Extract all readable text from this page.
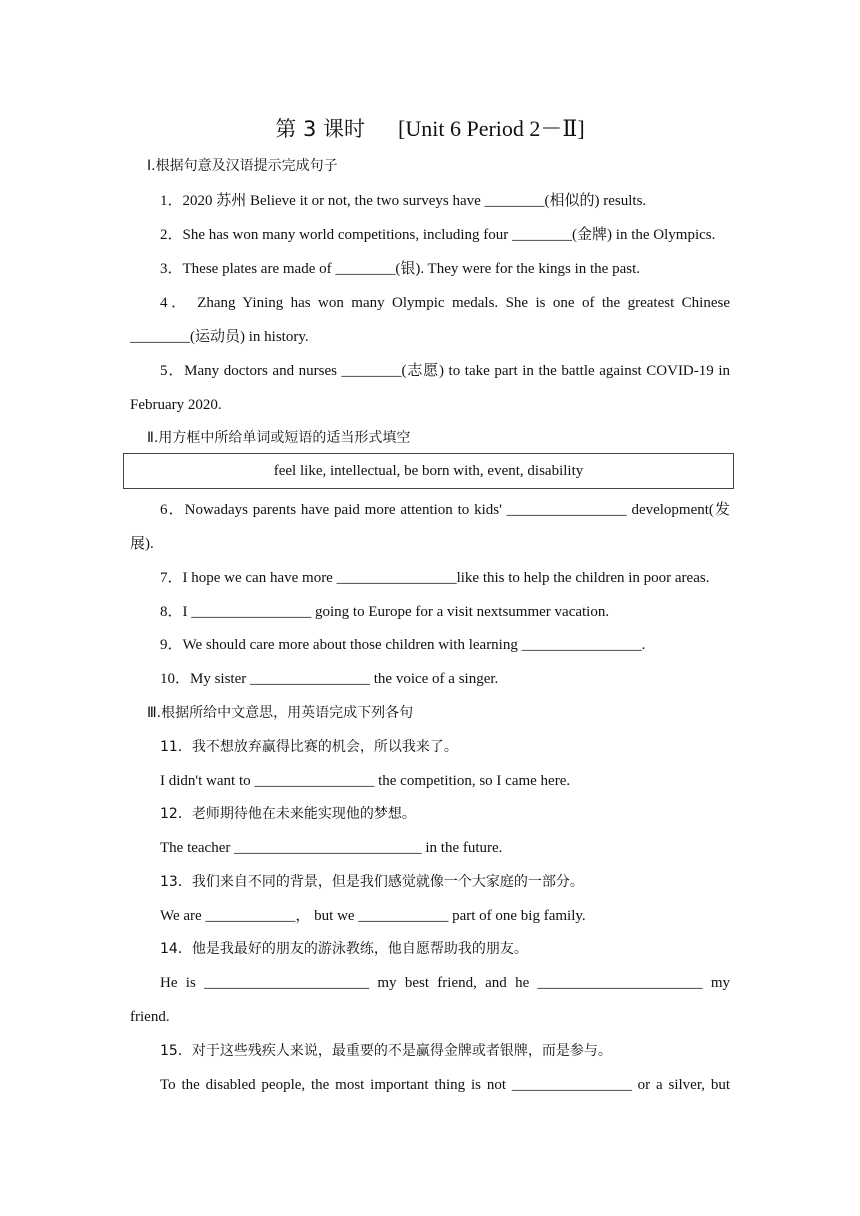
第 3 课时 [Unit 6 Period 2－Ⅱ]
Ⅰ.根据句意及汉语提示完成句子
1．2020 苏州 Believe it or not, the two surveys have ________(相似的) results.
2．She has won many world competitions, including four ________(金牌) in the Olympics.
3．These plates are made of ________(银). They were for the kings in the past.
4． Zhang Yining has won many Olympic medals. She is one of the greatest Chinese
________(运动员) in history.
5．Many doctors and nurses ________(志愿) to take part in the battle against COVID-19 in
February 2020.
Ⅱ.用方框中所给单词或短语的适当形式填空
feel like, intellectual, be born with, event, disability
6．Nowadays parents have paid more attention to kids' ________________ development(发
展).
7．I hope we can have more ________________like this to help the children in poor areas.
8．I ________________ going to Europe for a visit nextsummer vacation.
9．We should care more about those children with learning ________________.
10．My sister ________________ the voice of a singer.
Ⅲ.根据所给中文意思，用英语完成下列各句
11．我不想放弃赢得比赛的机会，所以我来了。
I didn't want to ________________ the competition, so I came here.
12．老师期待他在未来能实现他的梦想。
The teacher _________________________ in the future.
13．我们来自不同的背景，但是我们感觉就像一个大家庭的一部分。
We are ____________， but we ____________ part of one big family.
14．他是我最好的朋友的游泳教练，他自愿帮助我的朋友。
He is ______________________ my best friend, and he ______________________ my
friend.
15．对于这些残疾人来说，最重要的不是赢得金牌或者银牌，而是参与。
To the disabled people, the most important thing is not ________________ or a silver, but
